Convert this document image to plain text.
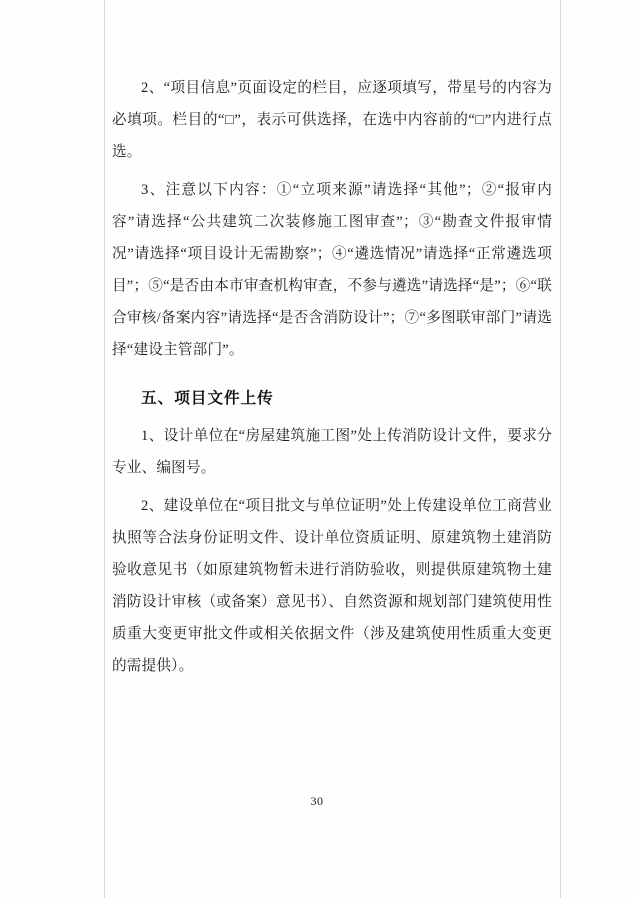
2、“项目信息”页面设定的栏目，应逐项填写，带星号的内容为必填项。栏目的“□”，表示可供选择，在选中内容前的“□”内进行点选。

3、注意以下内容：①“立项来源”请选择“其他”；②“报审内容”请选择“公共建筑二次装修施工图审查”；③“勘查文件报审情况”请选择“项目设计无需勘察”；④“遴选情况”请选择“正常遴选项目”；⑤“是否由本市审查机构审查，不参与遴选”请选择“是”；⑥“联合审核/备案内容”请选择“是否含消防设计”；⑦“多图联审部门”请选择“建设主管部门”。

五、项目文件上传

1、设计单位在“房屋建筑施工图”处上传消防设计文件，要求分专业、编图号。

2、建设单位在“项目批文与单位证明”处上传建设单位工商营业执照等合法身份证明文件、设计单位资质证明、原建筑物土建消防验收意见书（如原建筑物暂未进行消防验收，则提供原建筑物土建消防设计审核（或备案）意见书）、自然资源和规划部门建筑使用性质重大变更审批文件或相关依据文件（涉及建筑使用性质重大变更的需提供）。

30
